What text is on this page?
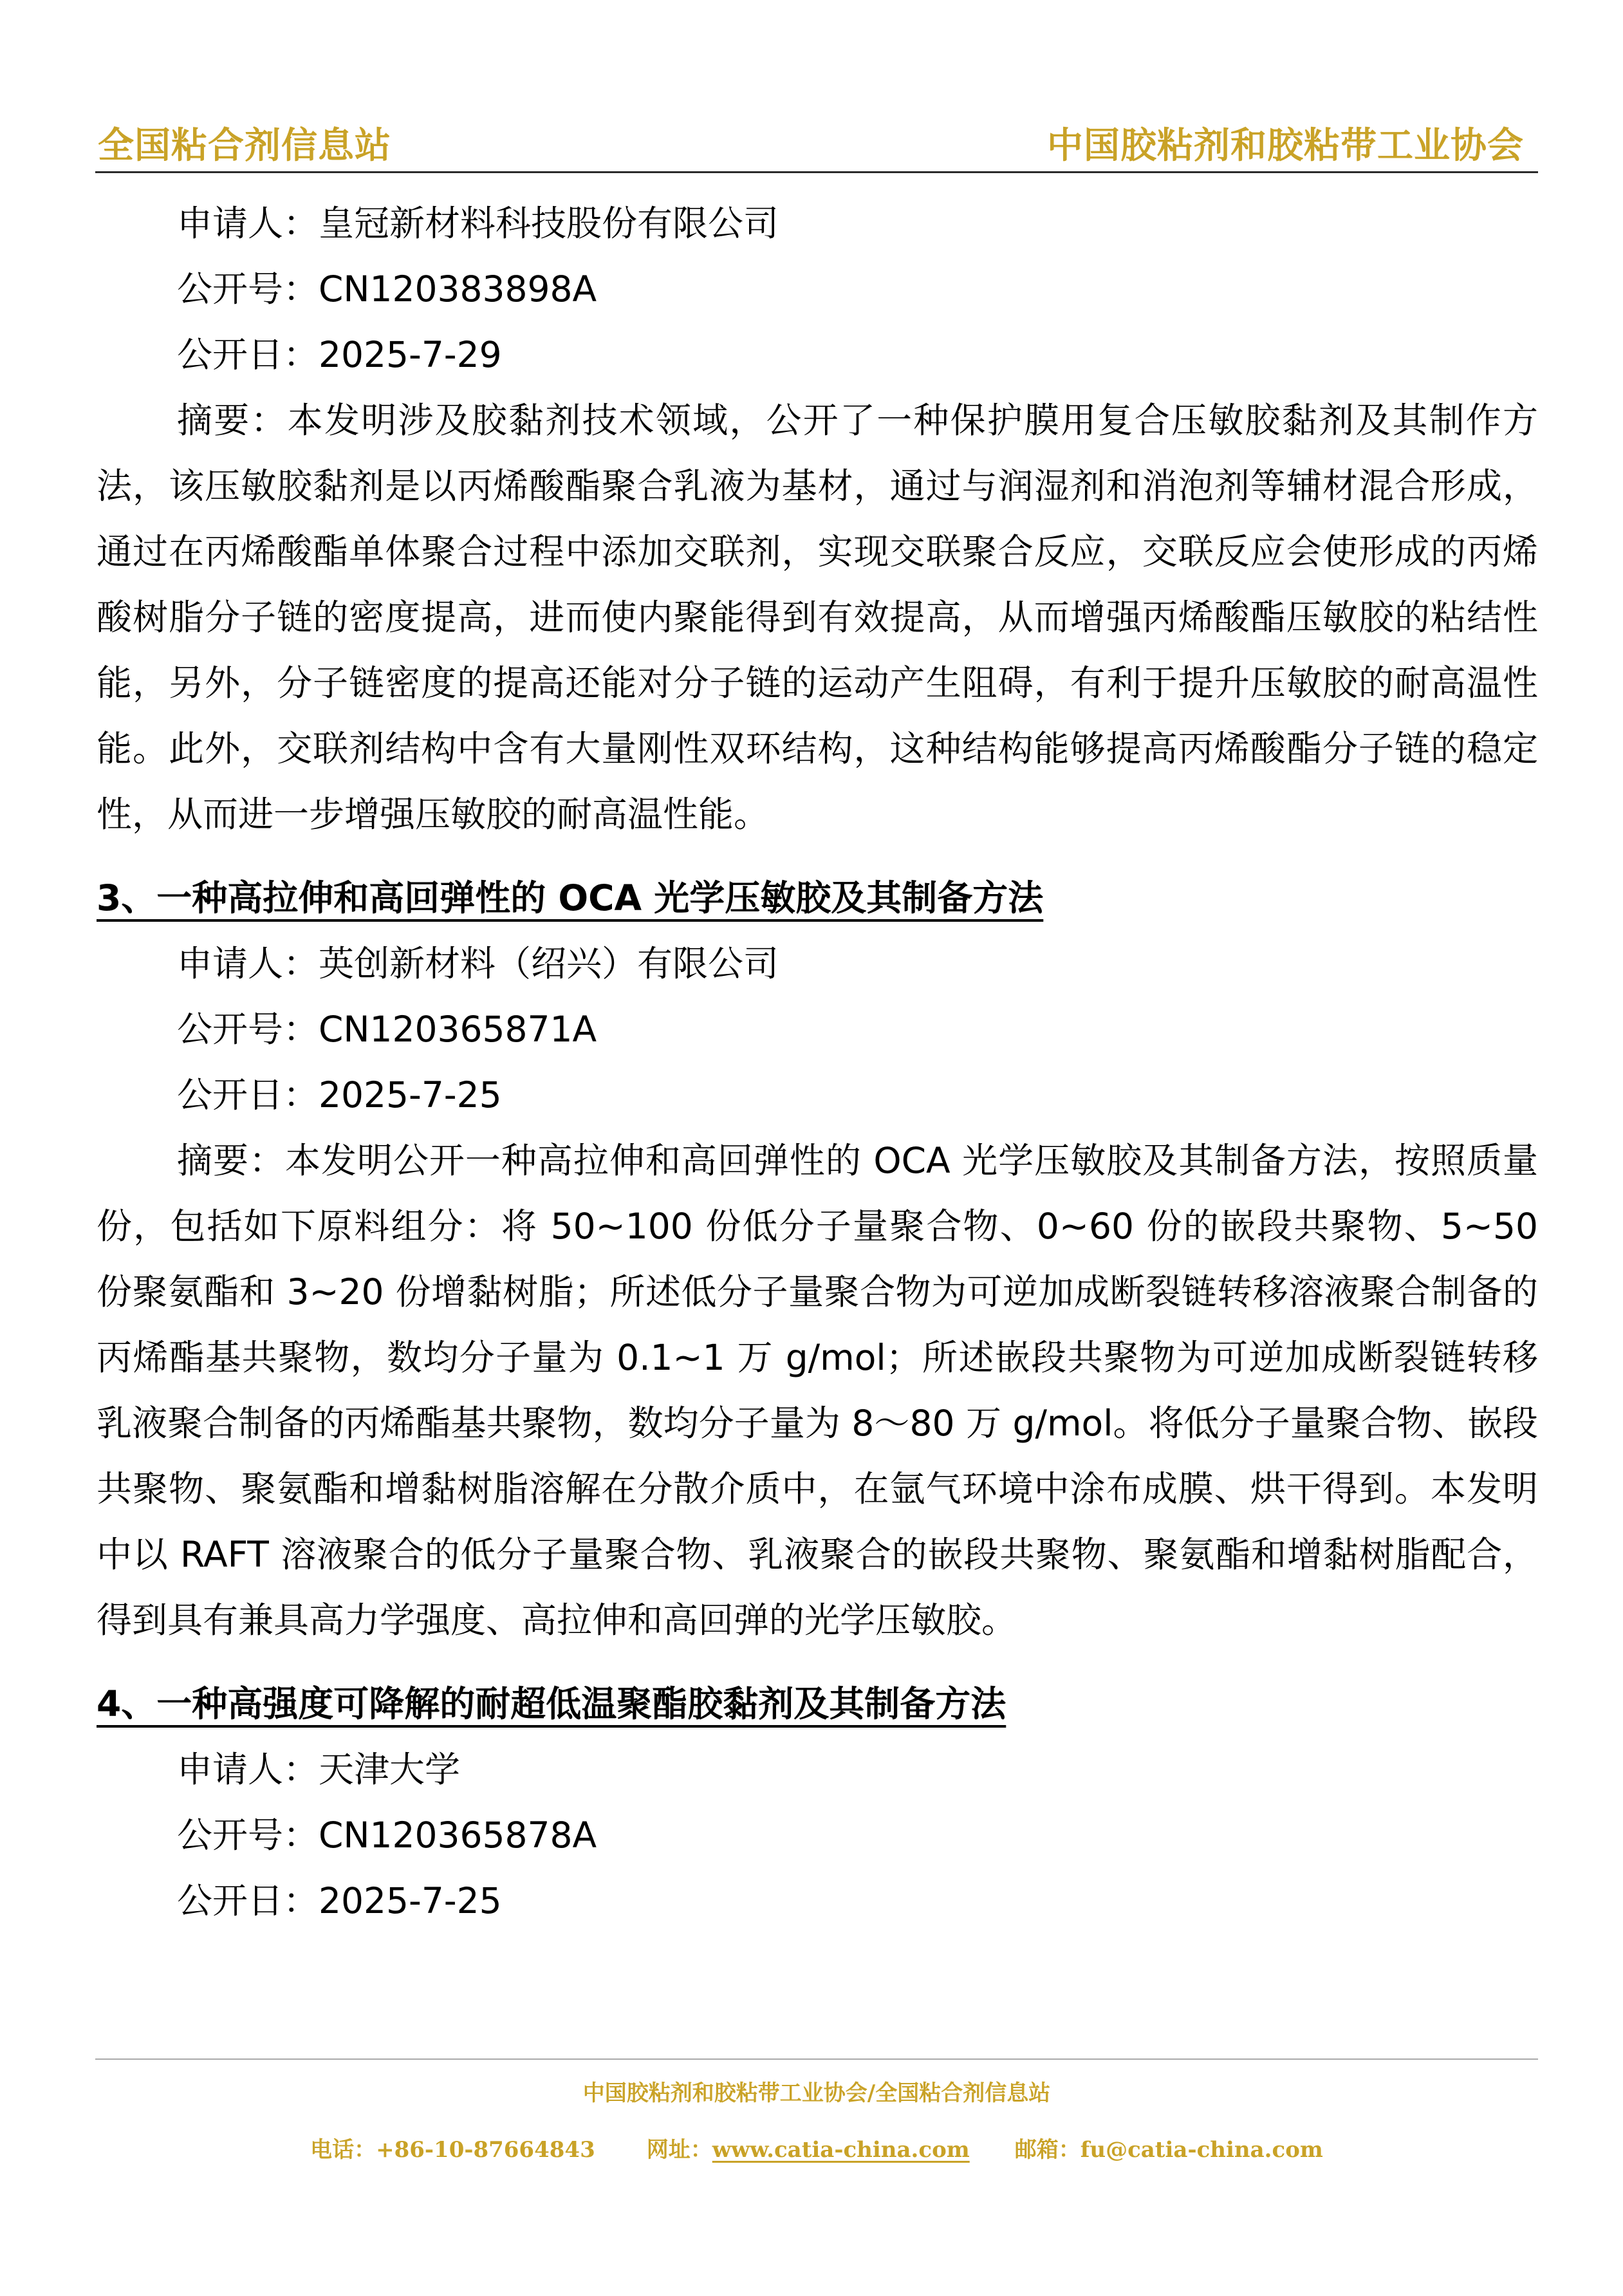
全国粘合剂信息站	中国胶粘剂和胶粘带工业协会
申请人：皇冠新材料科技股份有限公司
公开号：CN120383898A
公开日：2025-7-29

摘要：本发明涉及胶黏剂技术领域，公开了一种保护膜用复合压敏胶黏剂及其制作方法，该压敏胶黏剂是以丙烯酸酯聚合乳液为基材，通过与润湿剂和消泡剂等辅材混合形成，通过在丙烯酸酯单体聚合过程中添加交联剂，实现交联聚合反应，交联反应会使形成的丙烯酸树脂分子链的密度提高，进而使内聚能得到有效提高，从而增强丙烯酸酯压敏胶的粘结性能，另外，分子链密度的提高还能对分子链的运动产生阻碍，有利于提升压敏胶的耐高温性能。此外，交联剂结构中含有大量刚性双环结构，这种结构能够提高丙烯酸酯分子链的稳定性，从而进一步增强压敏胶的耐高温性能。

3、一种高拉伸和高回弹性的 OCA 光学压敏胶及其制备方法
申请人：英创新材料（绍兴）有限公司
公开号：CN120365871A
公开日：2025-7-25

摘要：本发明公开一种高拉伸和高回弹性的 OCA 光学压敏胶及其制备方法，按照质量份，包括如下原料组分：将 50~100 份低分子量聚合物、0~60 份的嵌段共聚物、5~50 份聚氨酯和 3~20 份增黏树脂；所述低分子量聚合物为可逆加成断裂链转移溶液聚合制备的丙烯酯基共聚物，数均分子量为 0.1~1 万 g/mol；所述嵌段共聚物为可逆加成断裂链转移乳液聚合制备的丙烯酯基共聚物，数均分子量为 8～80 万 g/mol。将低分子量聚合物、嵌段共聚物、聚氨酯和增黏树脂溶解在分散介质中，在氩气环境中涂布成膜、烘干得到。本发明中以 RAFT 溶液聚合的低分子量聚合物、乳液聚合的嵌段共聚物、聚氨酯和增黏树脂配合，得到具有兼具高力学强度、高拉伸和高回弹的光学压敏胶。

4、一种高强度可降解的耐超低温聚酯胶黏剂及其制备方法
申请人：天津大学
公开号：CN120365878A
公开日：2025-7-25
中国胶粘剂和胶粘带工业协会/全国粘合剂信息站
电话：+86-10-87664843 网址：www.catia-china.com 邮箱：fu@catia-china.com
